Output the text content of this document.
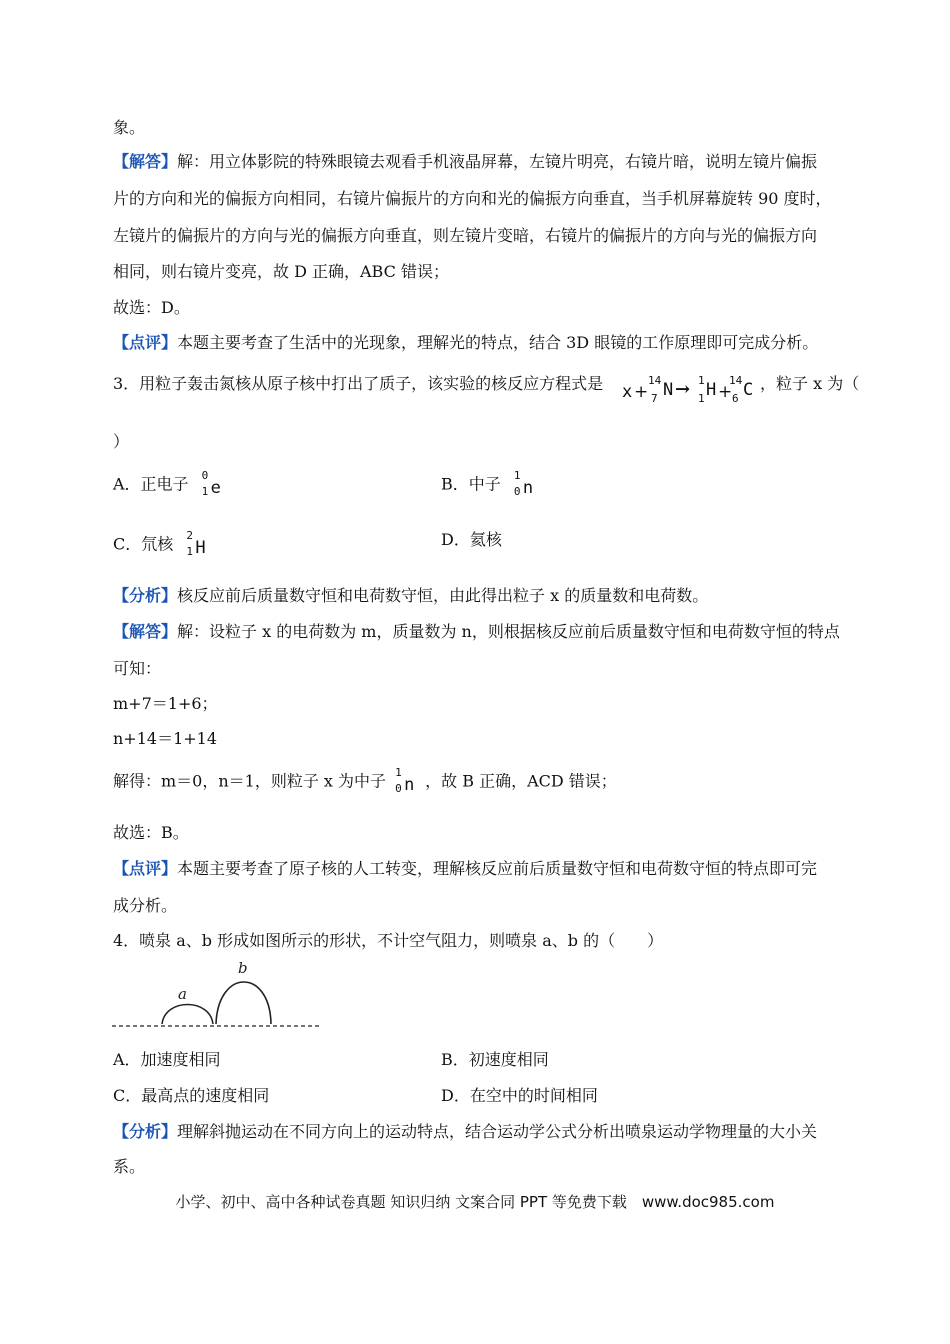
象。
【解答】解：用立体影院的特殊眼镜去观看手机液晶屏幕，左镜片明亮，右镜片暗，说明左镜片偏振
片的方向和光的偏振方向相同，右镜片偏振片的方向和光的偏振方向垂直，当手机屏幕旋转 90 度时，
左镜片的偏振片的方向与光的偏振方向垂直，则左镜片变暗，右镜片的偏振片的方向与光的偏振方向
相同，则右镜片变亮，故 D 正确，ABC 错误；
故选：D。
【点评】本题主要考查了生活中的光现象，理解光的特点，结合 3D 眼镜的工作原理即可完成分析。
3．用粒子轰击氮核从原子核中打出了质子，该实验的核反应方程式是	x +
14
7 N → 1
1 H +
14
6 C ，粒子 x 为（
）
A．正电子 0
1 e	B．中子 1
0 n
C．氘核 2
1 H	D．氦核
【分析】核反应前后质量数守恒和电荷数守恒，由此得出粒子 x 的质量数和电荷数。
【解答】解：设粒子 x 的电荷数为 m，质量数为 n，则根据核反应前后质量数守恒和电荷数守恒的特点
可知：
m+7＝1+6；
n+14＝1+14
解得：m＝0，n＝1，则粒子 x 为中子 1
0 n ，故 B 正确，ACD 错误；
故选：B。
【点评】本题主要考查了原子核的人工转变，理解核反应前后质量数守恒和电荷数守恒的特点即可完
成分析。
4．喷泉 a、b 形成如图所示的形状，不计空气阻力，则喷泉 a、b 的（　　）
a
b
A．加速度相同	B．初速度相同
C．最高点的速度相同	D．在空中的时间相同
【分析】理解斜抛运动在不同方向上的运动特点，结合运动学公式分析出喷泉运动学物理量的大小关
系。
小学、初中、高中各种试卷真题 知识归纳 文案合同 PPT 等免费下载　www.doc985.com
